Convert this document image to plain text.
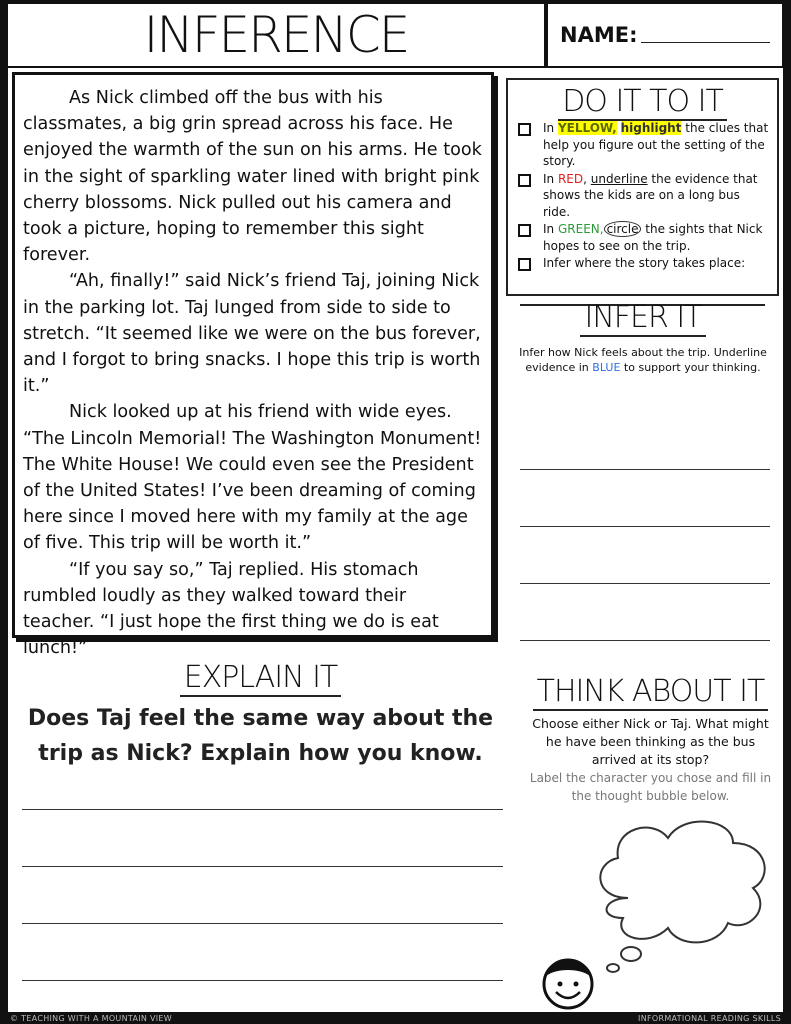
INFERENCE	NAME:

As Nick climbed off the bus with his classmates, a big grin spread across his face. He enjoyed the warmth of the sun on his arms. He took in the sight of sparkling water lined with bright pink cherry blossoms. Nick pulled out his camera and took a picture, hoping to remember this sight forever.

“Ah, finally!” said Nick’s friend Taj, joining Nick in the parking lot. Taj lunged from side to side to stretch. “It seemed like we were on the bus forever, and I forgot to bring snacks. I hope this trip is worth it.”

Nick looked up at his friend with wide eyes. “The Lincoln Memorial! The Washington Monument! The White House! We could even see the President of the United States! I’ve been dreaming of coming here since I moved here with my family at the age of five. This trip will be worth it.”

“If you say so,” Taj replied. His stomach rumbled loudly as they walked toward their teacher. “I just hope the first thing we do is eat lunch!”

DO IT TO IT
In YELLOW, highlight the clues that help you figure out the setting of the story.
In RED, underline the evidence that shows the kids are on a long bus ride.
In GREEN, circle the sights that Nick hopes to see on the trip.
Infer where the story takes place:
INFER IT
Infer how Nick feels about the trip. Underline evidence in BLUE to support your thinking.
EXPLAIN IT
Does Taj feel the same way about the trip as Nick? Explain how you know.
THINK ABOUT IT
Choose either Nick or Taj. What might he have been thinking as the bus arrived at its stop?
Label the character you chose and fill in the thought bubble below.
© TEACHING WITH A MOUNTAIN VIEW	INFORMATIONAL READING SKILLS
